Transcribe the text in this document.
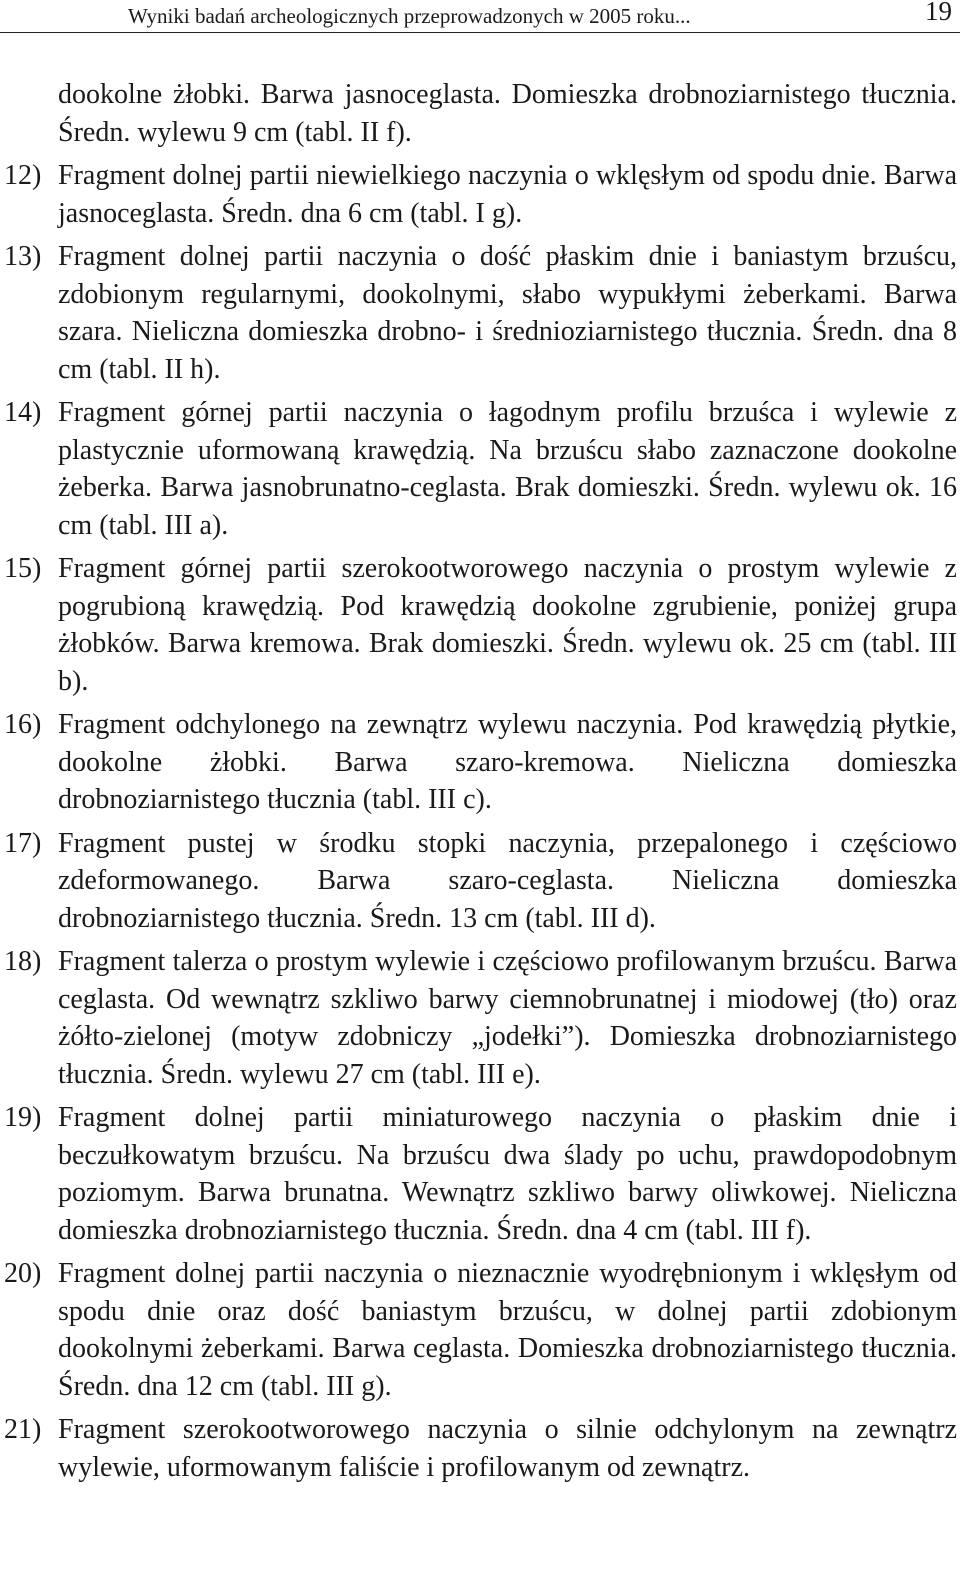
Wyniki badań archeologicznych przeprowadzonych w 2005 roku...	19
dookolne żłobki. Barwa jasnoceglasta. Domieszka drobnoziarnistego tłucznia. Średn. wylewu 9 cm (tabl. II f).
12) Fragment dolnej partii niewielkiego naczynia o wklęsłym od spodu dnie. Barwa jasnoceglasta. Średn. dna 6 cm (tabl. I g).
13) Fragment dolnej partii naczynia o dość płaskim dnie i baniastym brzuścu, zdobionym regularnymi, dookolnymi, słabo wypukłymi żeberkami. Barwa szara. Nieliczna domieszka drobno- i średnioziarnistego tłucznia. Średn. dna 8 cm (tabl. II h).
14) Fragment górnej partii naczynia o łagodnym profilu brzuśca i wylewie z plastycznie uformowaną krawędzią. Na brzuścu słabo zaznaczone dookolne żeberka. Barwa jasnobrunatno-ceglasta. Brak domieszki. Średn. wylewu ok. 16 cm (tabl. III a).
15) Fragment górnej partii szerokootworowego naczynia o prostym wylewie z pogrubioną krawędzią. Pod krawędzią dookolne zgrubienie, poniżej grupa żłobków. Barwa kremowa. Brak domieszki. Średn. wylewu ok. 25 cm (tabl. III b).
16) Fragment odchylonego na zewnątrz wylewu naczynia. Pod krawędzią płytkie, dookolne żłobki. Barwa szaro-kremowa. Nieliczna domieszka drobnoziarnistego tłucznia (tabl. III c).
17) Fragment pustej w środku stopki naczynia, przepalonego i częściowo zdeformowanego. Barwa szaro-ceglasta. Nieliczna domieszka drobnoziarnistego tłucznia. Średn. 13 cm (tabl. III d).
18) Fragment talerza o prostym wylewie i częściowo profilowanym brzuścu. Barwa ceglasta. Od wewnątrz szkliwo barwy ciemnobrunatnej i miodowej (tło) oraz żółto-zielonej (motyw zdobniczy „jodełki”). Domieszka drobnoziarnistego tłucznia. Średn. wylewu 27 cm (tabl. III e).
19) Fragment dolnej partii miniaturowego naczynia o płaskim dnie i beczułkowatym brzuścu. Na brzuścu dwa ślady po uchu, prawdopodobnym poziomym. Barwa brunatna. Wewnątrz szkliwo barwy oliwkowej. Nieliczna domieszka drobnoziarnistego tłucznia. Średn. dna 4 cm (tabl. III f).
20) Fragment dolnej partii naczynia o nieznacznie wyodrębnionym i wklęsłym od spodu dnie oraz dość baniastym brzuścu, w dolnej partii zdobionym dookolnymi żeberkami. Barwa ceglasta. Domieszka drobnoziarnistego tłucznia. Średn. dna 12 cm (tabl. III g).
21) Fragment szerokootworowego naczynia o silnie odchylonym na zewnątrz wylewie, uformowanym faliście i profilowanym od zewnątrz.
